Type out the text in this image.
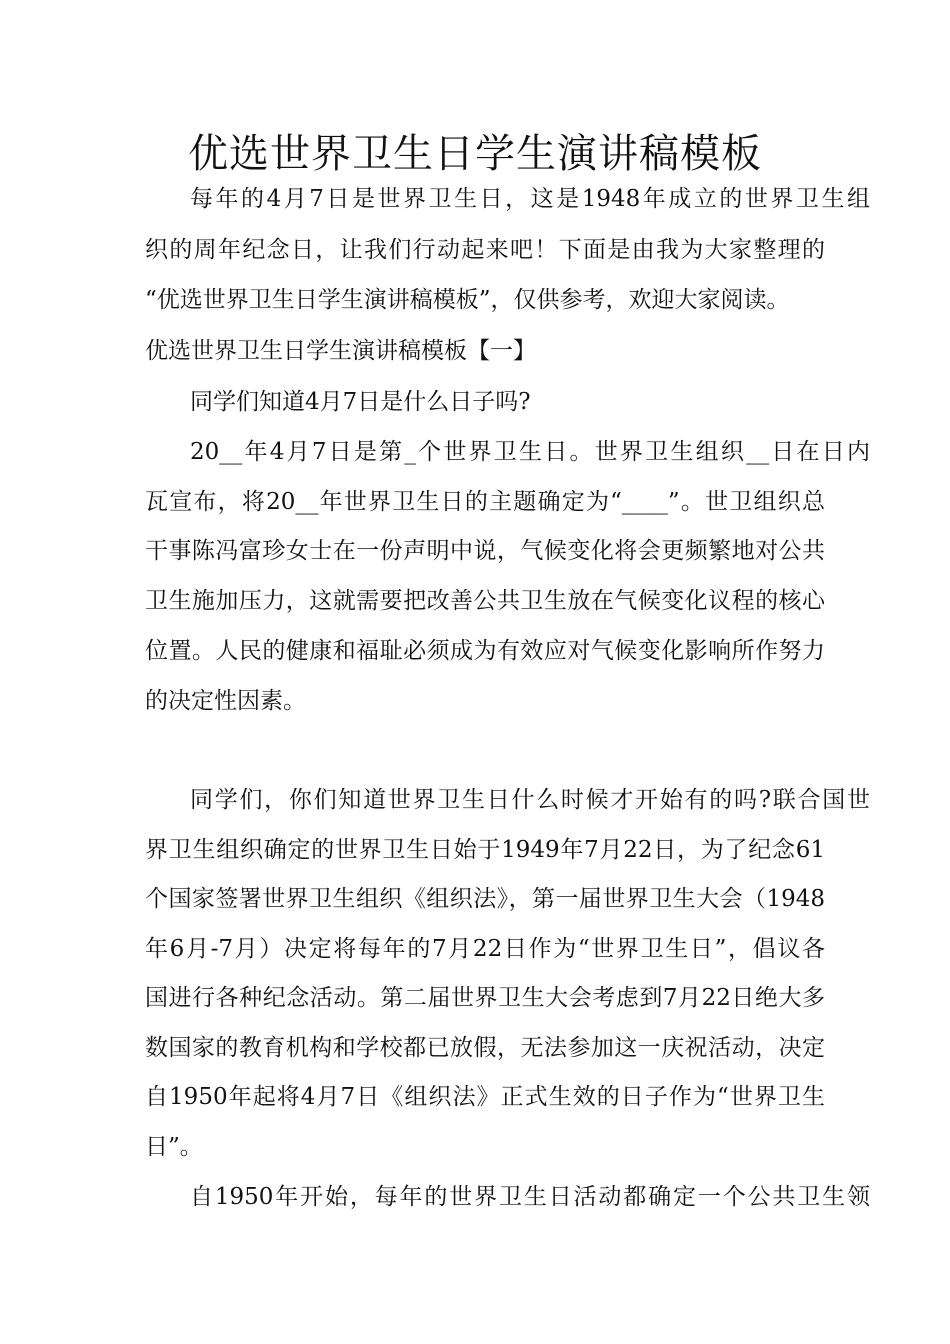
优选世界卫生日学生演讲稿模板

每年的4月7日是世界卫生日，这是1948年成立的世界卫生组

织的周年纪念日，让我们行动起来吧！下面是由我为大家整理的

“优选世界卫生日学生演讲稿模板”，仅供参考，欢迎大家阅读。

优选世界卫生日学生演讲稿模板【一】

同学们知道4月7日是什么日子吗?

20__年4月7日是第_个世界卫生日。世界卫生组织__日在日内

瓦宣布，将20__年世界卫生日的主题确定为“____”。世卫组织总

干事陈冯富珍女士在一份声明中说，气候变化将会更频繁地对公共

卫生施加压力，这就需要把改善公共卫生放在气候变化议程的核心

位置。人民的健康和福耻必须成为有效应对气候变化影响所作努力

的决定性因素。

同学们，你们知道世界卫生日什么时候才开始有的吗?联合国世

界卫生组织确定的世界卫生日始于1949年7月22日，为了纪念61

个国家签署世界卫生组织《组织法》，第一届世界卫生大会（1948

年6月-7月）决定将每年的7月22日作为“世界卫生日”，倡议各

国进行各种纪念活动。第二届世界卫生大会考虑到7月22日绝大多

数国家的教育机构和学校都已放假，无法参加这一庆祝活动，决定

自1950年起将4月7日《组织法》正式生效的日子作为“世界卫生

日”。

自1950年开始，每年的世界卫生日活动都确定一个公共卫生领
